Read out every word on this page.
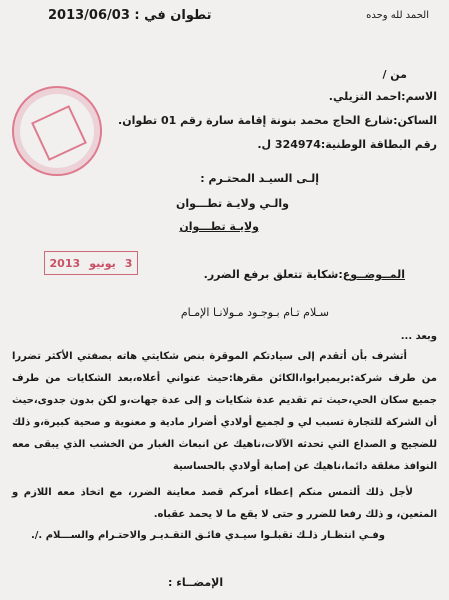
الحمد لله وحده
تطوان في : 2013/06/03
من /
الاسم:احمد التزيلي.
الساكن:شارع الحاج محمد بنونة إقامة سارة رقم 01 تطوان.
رقم البطاقة الوطنية:324974 ل.
إلـى السيـد المحتـرم :
والـي ولايـة تطـــوان
ولايـة تطـــوان
2013 يونيو 3
المــوضــوع:شكاية تتعلق برفع الضرر.
سـلام تـام بـوجـود مـولانـا الإمـام
وبعد ...
أتشرف بأن أتقدم إلى سيادتكم الموقرة بنص شكايتي هاته بصفتي الأكثر تضررا من طرف شركة:بريميرابوا،الكائن مقرها:حيث عنواني أعلاه،بعد الشكايات من طرف جميع سكان الحي،حيث تم تقديم عدة شكايات و إلى عدة جهات،و لكن بدون جدوى،حيث أن الشركة للتجارة تسبب لي و لجميع أولادي أضرار مادية و معنوية و صحية كبيرة،و ذلك للضجيج و الصداع التي تحدثه الآلات،ناهيك عن انبعاث الغبار من الخشب الذي يبقى معه النوافذ مغلقة دائما،ناهيك عن إصابة أولادي بالحساسية
لأجل ذلك ألتمس منكم إعطاء أمركم قصد معاينة الضرر، مع اتخاذ معه اللازم و المتعين، و ذلك رفعا للضرر و حتى لا يقع ما لا يحمد عقباه.
وفـي انتظـار ذلـك تقبلـوا سيـدي فائـق التقـديـر والاحتـرام والســـلام ./.
الإمضــاء :
